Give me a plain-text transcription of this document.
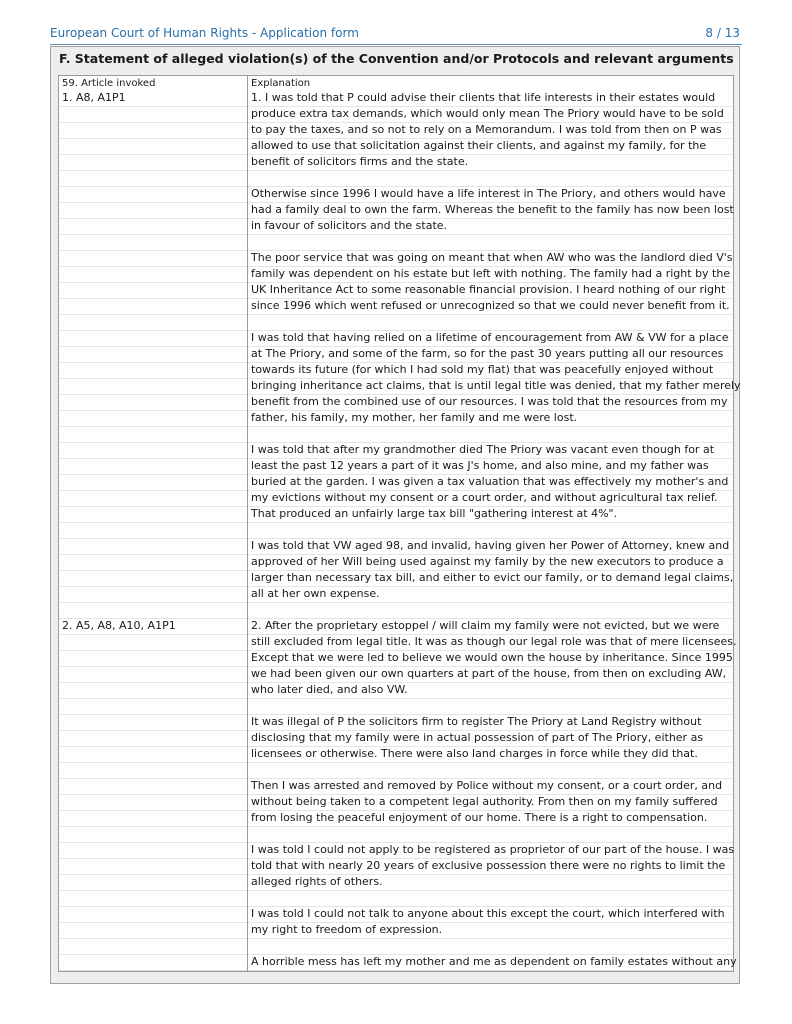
European Court of Human Rights - Application form	8 / 13
F. Statement of alleged violation(s) of the Convention and/or Protocols and relevant arguments
59. Article invoked	Explanation
1. A8, A1P1	1. I was told that P could advise their clients that life interests in their estates would
produce extra tax demands, which would only mean The Priory would have to be sold
to pay the taxes, and so not to rely on a Memorandum. I was told from then on P was
allowed to use that solicitation against their clients, and against my family, for the
benefit of solicitors firms and the state.
Otherwise since 1996 I would have a life interest in The Priory, and others would have
had a family deal to own the farm. Whereas the benefit to the family has now been lost
in favour of solicitors and the state.
The poor service that was going on meant that when AW who was the landlord died V's
family was dependent on his estate but left with nothing. The family had a right by the
UK Inheritance Act to some reasonable financial provision. I heard nothing of our right
since 1996 which went refused or unrecognized so that we could never benefit from it.
I was told that having relied on a lifetime of encouragement from AW & VW for a place
at The Priory, and some of the farm, so for the past 30 years putting all our resources
towards its future (for which I had sold my flat) that was peacefully enjoyed without
bringing inheritance act claims, that is until legal title was denied, that my father merely
benefit from the combined use of our resources. I was told that the resources from my
father, his family, my mother, her family and me were lost.
I was told that after my grandmother died The Priory was vacant even though for at
least the past 12 years a part of it was J's home, and also mine, and my father was
buried at the garden. I was given a tax valuation that was effectively my mother's and
my evictions without my consent or a court order, and without agricultural tax relief.
That produced an unfairly large tax bill "gathering interest at 4%".
I was told that VW aged 98, and invalid, having given her Power of Attorney, knew and
approved of her Will being used against my family by the new executors to produce a
larger than necessary tax bill, and either to evict our family, or to demand legal claims,
all at her own expense.
2. A5, A8, A10, A1P1	2. After the proprietary estoppel / will claim my family were not evicted, but we were
still excluded from legal title. It was as though our legal role was that of mere licensees.
Except that we were led to believe we would own the house by inheritance. Since 1995
we had been given our own quarters at part of the house, from then on excluding AW,
who later died, and also VW.
It was illegal of P the solicitors firm to register The Priory at Land Registry without
disclosing that my family were in actual possession of part of The Priory, either as
licensees or otherwise. There were also land charges in force while they did that.
Then I was arrested and removed by Police without my consent, or a court order, and
without being taken to a competent legal authority. From then on my family suffered
from losing the peaceful enjoyment of our home. There is a right to compensation.
I was told I could not apply to be registered as proprietor of our part of the house. I was
told that with nearly 20 years of exclusive possession there were no rights to limit the
alleged rights of others.
I was told I could not talk to anyone about this except the court, which interfered with
my right to freedom of expression.
A horrible mess has left my mother and me as dependent on family estates without any
